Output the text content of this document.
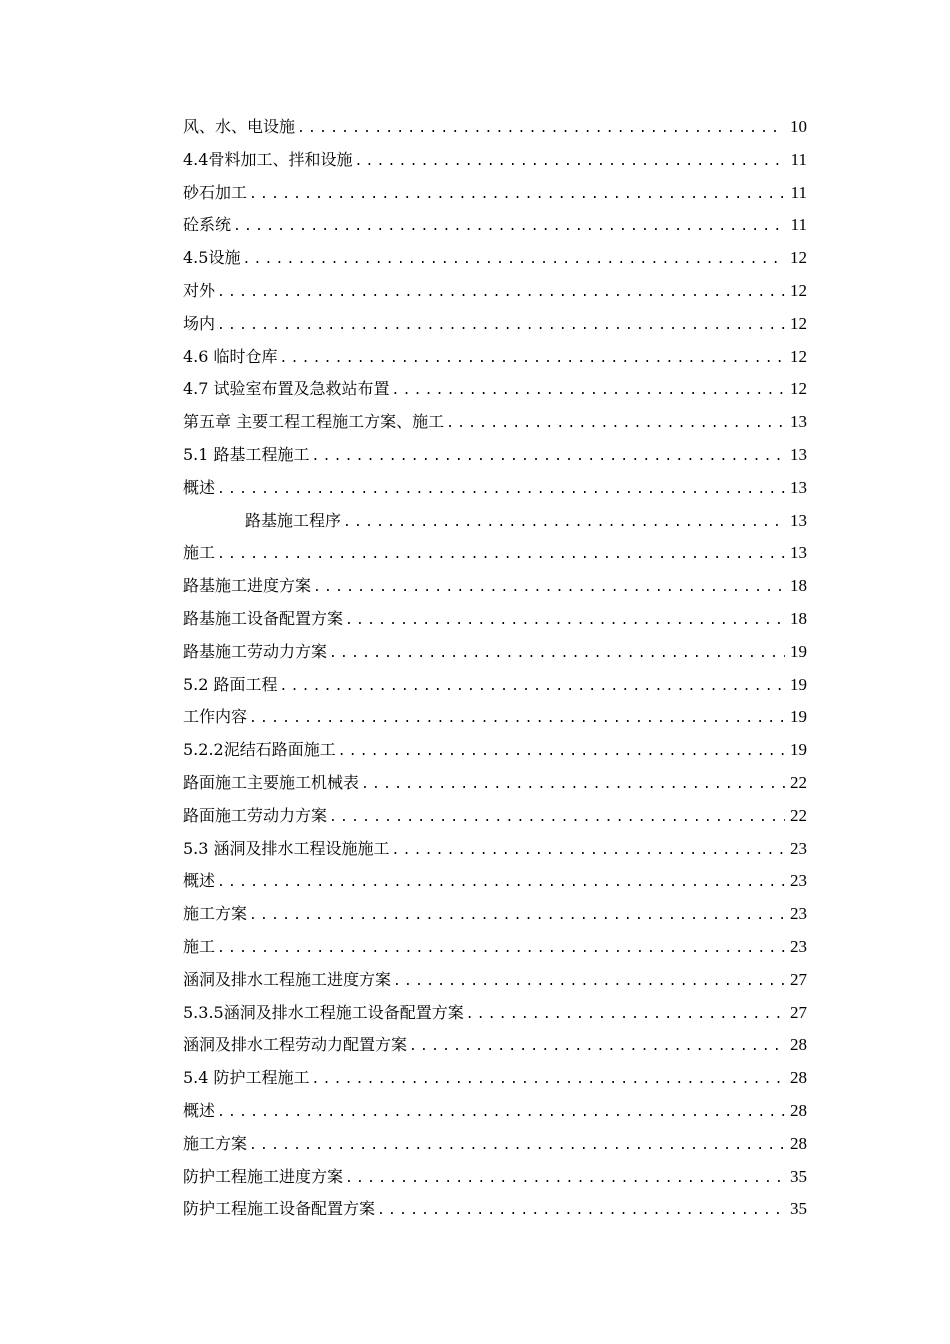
风、水、电设施 .....	10
4.4骨料加工、拌和设施 .....	11
砂石加工 .....	11
砼系统 .....	11
4.5设施 .....	12
对外 .....	12
场内 .....	12
4.6 临时仓库 .....	12
4.7 试验室布置及急救站布置 .....	12
第五章 主要工程工程施工方案、施工 .....	13
5.1 路基工程施工 .....	13
概述 .....	13
路基施工程序 .....	13
施工 .....	13
路基施工进度方案 .....	18
路基施工设备配置方案 .....	18
路基施工劳动力方案 .....	19
5.2 路面工程 .....	19
工作内容 .....	19
5.2.2泥结石路面施工 .....	19
路面施工主要施工机械表 .....	22
路面施工劳动力方案 .....	22
5.3 涵洞及排水工程设施施工 .....	23
概述 .....	23
施工方案 .....	23
施工 .....	23
涵洞及排水工程施工进度方案 .....	27
5.3.5涵洞及排水工程施工设备配置方案 .....	27
涵洞及排水工程劳动力配置方案 .....	28
5.4 防护工程施工 .....	28
概述 .....	28
施工方案 .....	28
防护工程施工进度方案 .....	35
防护工程施工设备配置方案 .....	35
